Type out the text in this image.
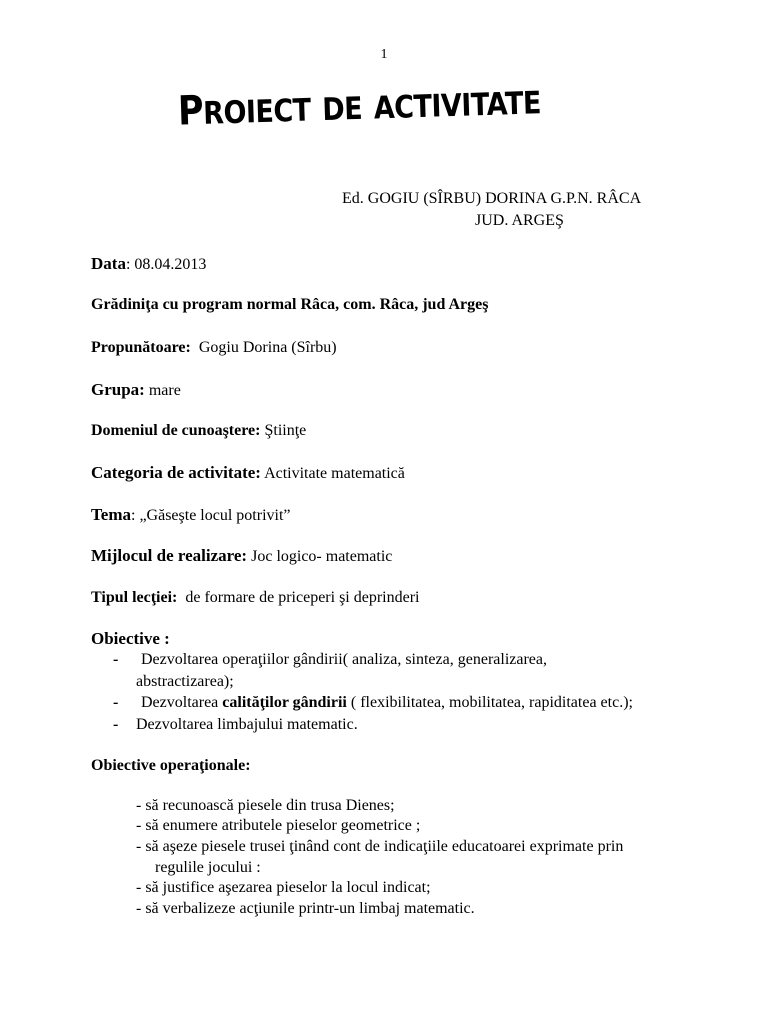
1
PROIECT DE ACTIVITATE
Ed. GOGIU (SÎRBU) DORINA G.P.N. RÂCA
JUD. ARGEŞ
Data: 08.04.2013
Grădiniţa cu program normal Râca, com. Râca, jud Argeş
Propunătoare: Gogiu Dorina (Sîrbu)
Grupa: mare
Domeniul de cunoaştere: Ştiinţe
Categoria de activitate: Activitate matematică
Tema: „Găseşte locul potrivit”
Mijlocul de realizare: Joc logico- matematic
Tipul lecţiei: de formare de priceperi şi deprinderi
Obiective :
- Dezvoltarea operaţiilor gândirii( analiza, sinteza, generalizarea,
abstractizarea);
- Dezvoltarea calităţilor gândirii ( flexibilitatea, mobilitatea, rapiditatea etc.);
- Dezvoltarea limbajului matematic.
Obiective operaţionale:
- să recunoască piesele din trusa Dienes;
- să enumere atributele pieselor geometrice ;
- să aşeze piesele trusei ţinând cont de indicaţiile educatoarei exprimate prin
regulile jocului :
- să justifice aşezarea pieselor la locul indicat;
- să verbalizeze acţiunile printr-un limbaj matematic.
